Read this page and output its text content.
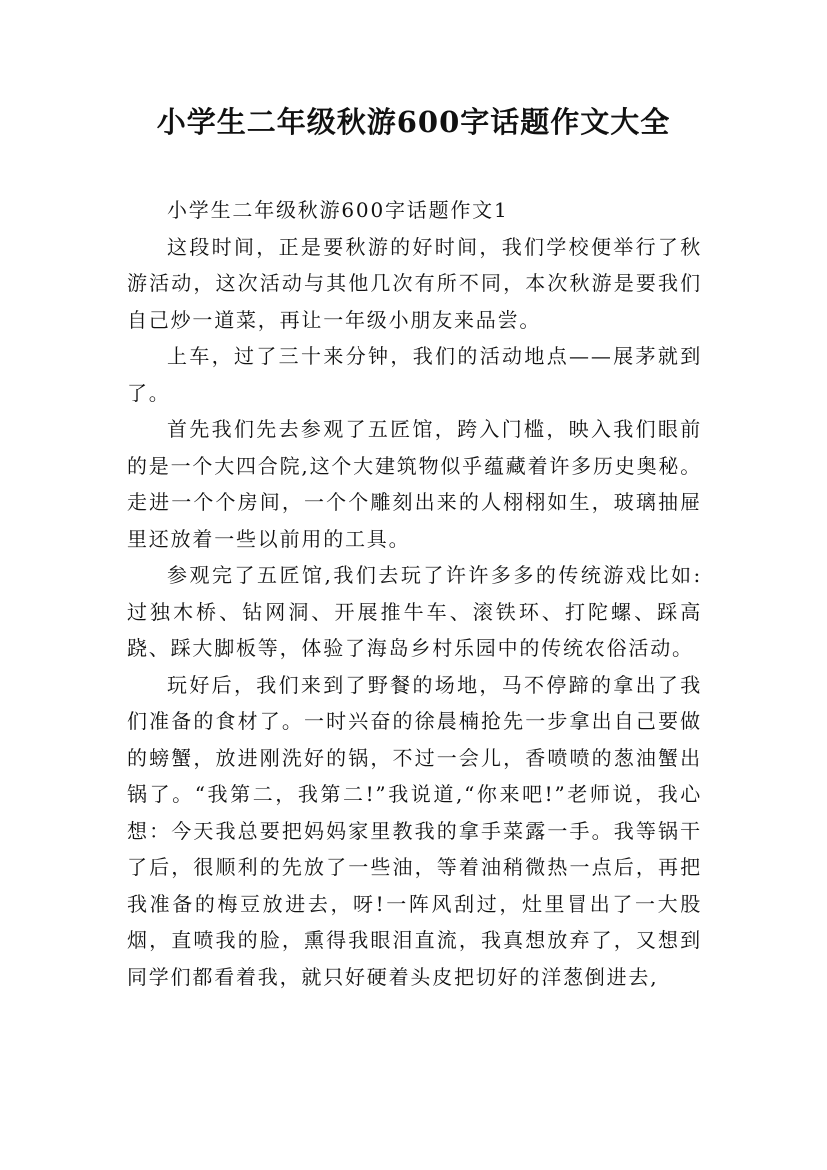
小学生二年级秋游600字话题作文大全

小学生二年级秋游600字话题作文1

这段时间，正是要秋游的好时间，我们学校便举行了秋游活动，这次活动与其他几次有所不同，本次秋游是要我们自己炒一道菜，再让一年级小朋友来品尝。

上车，过了三十来分钟，我们的活动地点——展茅就到了。

首先我们先去参观了五匠馆，跨入门槛，映入我们眼前的是一个大四合院,这个大建筑物似乎蕴藏着许多历史奥秘。走进一个个房间，一个个雕刻出来的人栩栩如生，玻璃抽屉里还放着一些以前用的工具。

参观完了五匠馆,我们去玩了许许多多的传统游戏比如:过独木桥、钻网洞、开展推牛车、滚铁环、打陀螺、踩高跷、踩大脚板等，体验了海岛乡村乐园中的传统农俗活动。

玩好后，我们来到了野餐的场地，马不停蹄的拿出了我们准备的食材了。一时兴奋的徐晨楠抢先一步拿出自己要做的螃蟹，放进刚洗好的锅，不过一会儿，香喷喷的葱油蟹出锅了。“我第二，我第二!”我说道,“你来吧!”老师说，我心想：今天我总要把妈妈家里教我的拿手菜露一手。我等锅干了后，很顺利的先放了一些油，等着油稍微热一点后，再把我准备的梅豆放进去，呀!一阵风刮过，灶里冒出了一大股烟，直喷我的脸，熏得我眼泪直流，我真想放弃了，又想到同学们都看着我，就只好硬着头皮把切好的洋葱倒进去,
